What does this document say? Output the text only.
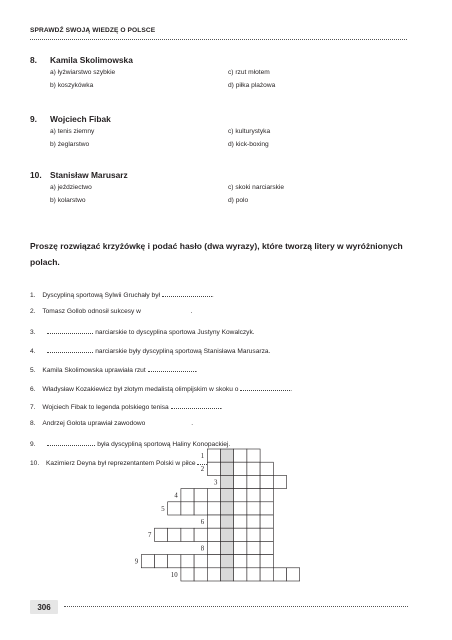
SPRAWDŹ SWOJĄ WIEDZĘ O POLSCE
8. Kamila Skolimowska
a) łyżwiarstwo szybkie	c) rzut młotem
b) koszykówka	d) piłka plażowa
9. Wojciech Fibak
a) tenis ziemny	c) kulturystyka
b) żeglarstwo	d) kick-boxing
10. Stanisław Marusarz
a) jeździectwo	c) skoki narciarskie
b) kolarstwo	d) polo
Proszę rozwiązać krzyżówkę i podać hasło (dwa wyrazy), które tworzą litery w wyróżnionych polach.
1. Dyscypliną sportową Sylwii Gruchały był	.
2. Tomasz Gollob odnosił sukcesy w	.
3.	narciarskie to dyscyplina sportowa Justyny Kowalczyk.
4.	narciarskie były dyscypliną sportową Stanisława Marusarza.
5. Kamila Skolimowska uprawiała rzut	.
6. Władysław Kozakiewicz był złotym medalistą olimpijskim w skoku o	.
7. Wojciech Fibak to legenda polskiego tenisa	.
8. Andrzej Gołota uprawiał zawodowo	.
9.	była dyscypliną sportową Haliny Konopackiej.
10. Kazimierz Deyna był reprezentantem Polski w piłce	.
1
2
3
4
5
6
7
8
9
10
306
